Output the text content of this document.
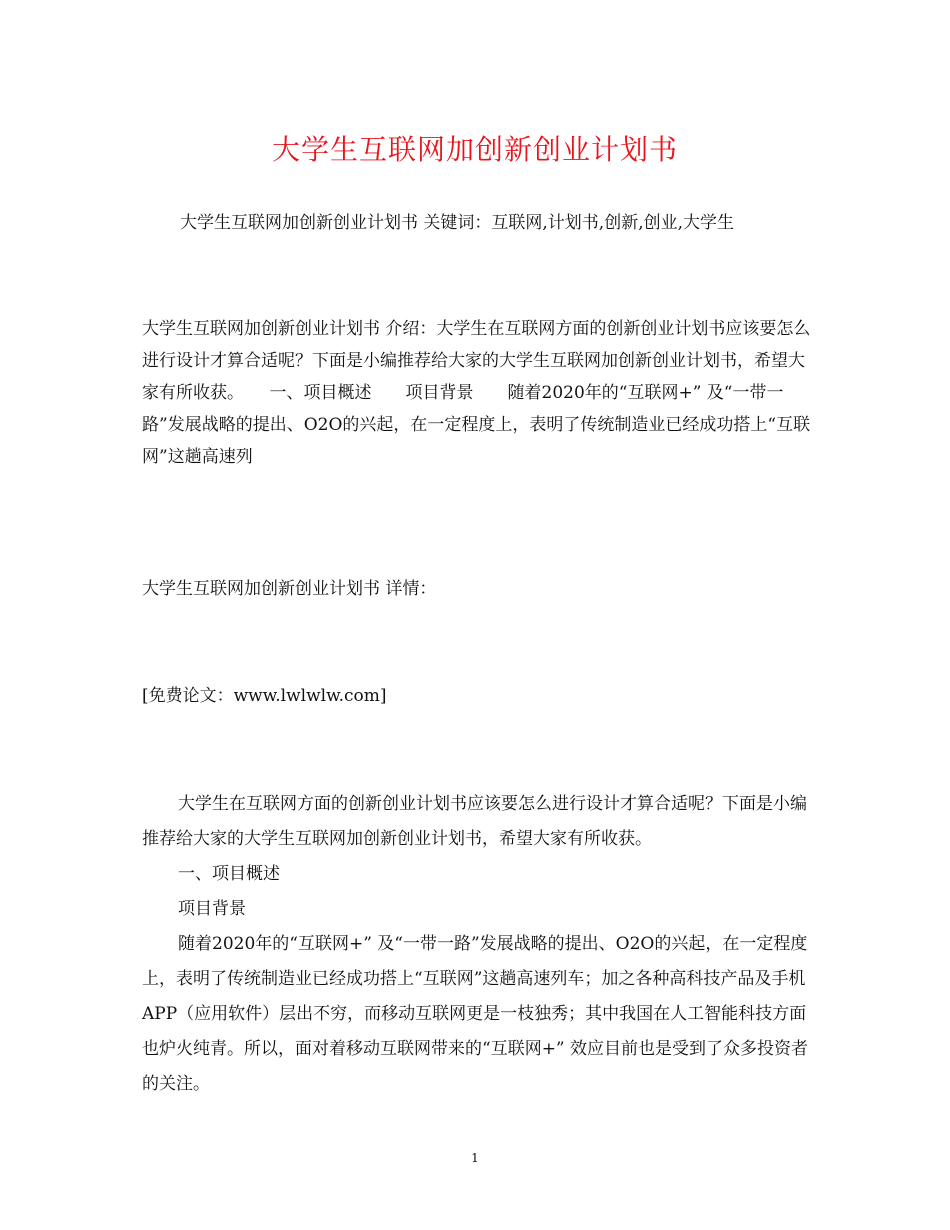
大学生互联网加创新创业计划书
大学生互联网加创新创业计划书 关键词：互联网,计划书,创新,创业,大学生

大学生互联网加创新创业计划书 介绍：大学生在互联网方面的创新创业计划书应该要怎么进行设计才算合适呢？下面是小编推荐给大家的大学生互联网加创新创业计划书，希望大家有所收获。　　一、项目概述　　项目背景　　随着2020年的“互联网+” 及“一带一路”发展战略的提出、O2O的兴起，在一定程度上，表明了传统制造业已经成功搭上“互联网”这趟高速列

大学生互联网加创新创业计划书 详情：
[免费论文：www.lwlwlw.com]

大学生在互联网方面的创新创业计划书应该要怎么进行设计才算合适呢？下面是小编推荐给大家的大学生互联网加创新创业计划书，希望大家有所收获。

一、项目概述

项目背景

随着2020年的“互联网+” 及“一带一路”发展战略的提出、O2O的兴起，在一定程度上，表明了传统制造业已经成功搭上“互联网”这趟高速列车；加之各种高科技产品及手机APP（应用软件）层出不穷，而移动互联网更是一枝独秀；其中我国在人工智能科技方面也炉火纯青。所以，面对着移动互联网带来的“互联网+” 效应目前也是受到了众多投资者的关注。

1
